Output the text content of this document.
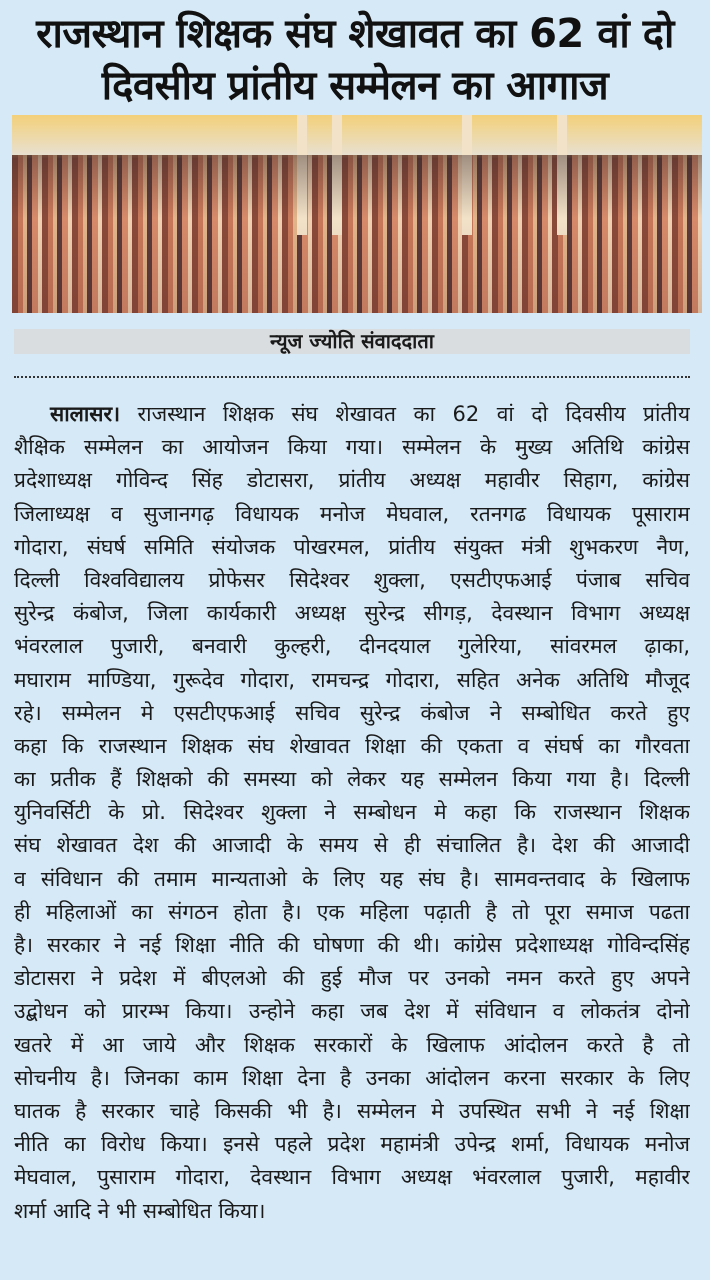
राजस्थान शिक्षक संघ शेखावत का 62 वां दो
दिवसीय प्रांतीय सम्मेलन का आगाज
न्यूज ज्योति संवाददाता
सालासर। राजस्थान शिक्षक संघ शेखावत का 62 वां दो दिवसीय प्रांतीय
शैक्षिक सम्मेलन का आयोजन किया गया। सम्मेलन के मुख्य अतिथि कांग्रेस
प्रदेशाध्यक्ष गोविन्द सिंह डोटासरा, प्रांतीय अध्यक्ष महावीर सिहाग, कांग्रेस
जिलाध्यक्ष व सुजानगढ़ विधायक मनोज मेघवाल, रतनगढ विधायक पूसाराम
गोदारा, संघर्ष समिति संयोजक पोखरमल, प्रांतीय संयुक्त मंत्री शुभकरण नैण,
दिल्ली विश्वविद्यालय प्रोफेसर सिदेश्वर शुक्ला, एसटीएफआई पंजाब सचिव
सुरेन्द्र कंबोज, जिला कार्यकारी अध्यक्ष सुरेन्द्र सीगड़, देवस्थान विभाग अध्यक्ष
भंवरलाल पुजारी, बनवारी कुल्हरी, दीनदयाल गुलेरिया, सांवरमल ढ़ाका,
मघाराम माण्डिया, गुरूदेव गोदारा, रामचन्द्र गोदारा, सहित अनेक अतिथि मौजूद
रहे। सम्मेलन मे एसटीएफआई सचिव सुरेन्द्र कंबोज ने सम्बोधित करते हुए
कहा कि राजस्थान शिक्षक संघ शेखावत शिक्षा की एकता व संघर्ष का गौरवता
का प्रतीक हैं शिक्षको की समस्या को लेकर यह सम्मेलन किया गया है। दिल्ली
युनिवर्सिटी के प्रो. सिदेश्वर शुक्ला ने सम्बोधन मे कहा कि राजस्थान शिक्षक
संघ शेखावत देश की आजादी के समय से ही संचालित है। देश की आजादी
व संविधान की तमाम मान्यताओ के लिए यह संघ है। सामवन्तवाद के खिलाफ
ही महिलाओं का संगठन होता है। एक महिला पढ़ाती है तो पूरा समाज पढता
है। सरकार ने नई शिक्षा नीति की घोषणा की थी। कांग्रेस प्रदेशाध्यक्ष गोविन्दसिंह
डोटासरा ने प्रदेश में बीएलओ की हुई मौज पर उनको नमन करते हुए अपने
उद्बोधन को प्रारम्भ किया। उन्होने कहा जब देश में संविधान व लोकतंत्र दोनो
खतरे में आ जाये और शिक्षक सरकारों के खिलाफ आंदोलन करते है तो
सोचनीय है। जिनका काम शिक्षा देना है उनका आंदोलन करना सरकार के लिए
घातक है सरकार चाहे किसकी भी है। सम्मेलन मे उपस्थित सभी ने नई शिक्षा
नीति का विरोध किया। इनसे पहले प्रदेश महामंत्री उपेन्द्र शर्मा, विधायक मनोज
मेघवाल, पुसाराम गोदारा, देवस्थान विभाग अध्यक्ष भंवरलाल पुजारी, महावीर
शर्मा आदि ने भी सम्बोधित किया।
